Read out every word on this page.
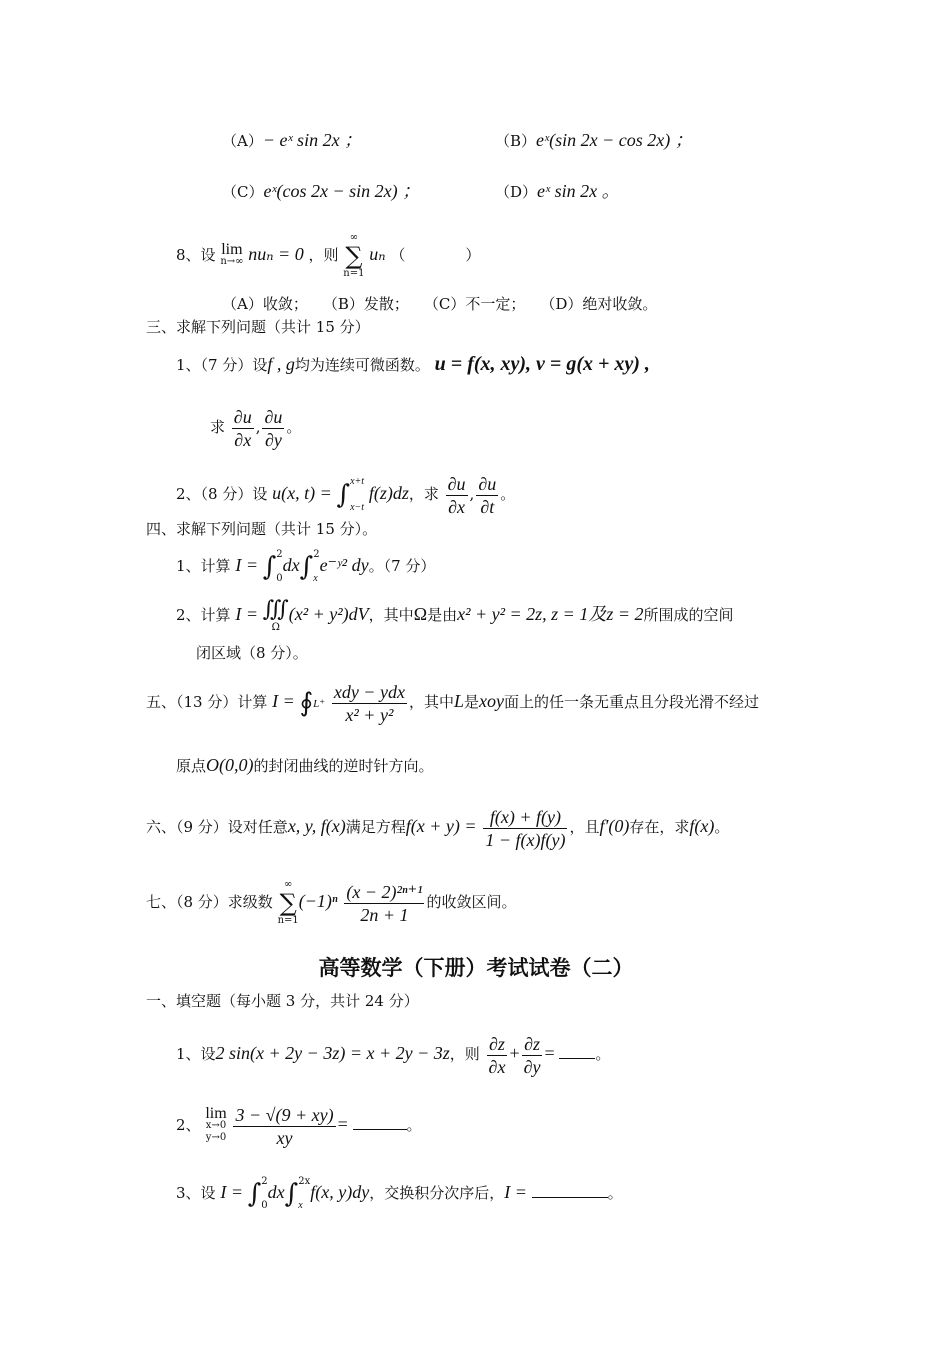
（A）− eˣ sin 2x ；	（B）eˣ(sin 2x − cos 2x) ；
（C）eˣ(cos 2x − sin 2x) ；	（D）eˣ sin 2x 。
8、设 lim
n→∞ nuₙ = 0 ，则
∞
∑
n=1
uₙ （　　　　）
（A）收敛；　　（B）发散；　　（C）不一定；　　（D）绝对收敛。
三、求解下列问题（共计 15 分）
1、（7 分）设f , g均为连续可微函数。 u = f(x, xy), v = g(x + xy) ,
求 $\frac{\partial u}{\partial x}$ , $\frac{\partial u}{\partial y}$ 。
2、（8 分）设 u(x, t) = ∫ x+t
x−t
f(z)dz，求 $\frac{\partial u}{\partial x}$ , $\frac{\partial u}{\partial t}$ 。
四、求解下列问题（共计 15 分）。
1、计算 I = ∫ 2
0
dx∫ 2
x
e⁻ʸ² dy。（7 分）
2、计算 I = ∭
Ω
(x² + y²)dV，其中Ω是由x² + y² = 2z, z = 1及z = 2所围成的空间
闭区域（8 分）。
五、（13 分）计算 I = ∮L⁺ $\frac{\text{xdy − ydx}}{\text{x² + y²}}$ ，其中L是xoy面上的任一条无重点且分段光滑不经过
原点O(0,0)的封闭曲线的逆时针方向。
六、（9 分）设对任意x, y, f(x)满足方程$f(x + y) = \frac{f(x) + f(y)}{1 - f(x)f(y)}$ ，且f′(0)存在，求f(x)。
七、（8 分）求级数
∞
∑
n=1
$(-1)^n \frac{\text{(x − 2)²ⁿ⁺¹}}{2n + 1}$ 的收敛区间。
高等数学（下册）考试试卷（二）
一、填空题（每小题 3 分，共计 24 分）
1、设2 sin(x + 2y − 3z) = x + 2y − 3z，则 $\frac{\partial z}{\partial x} + \frac{\partial z}{\partial y}$ =	。
2、
lim
x→0
y→0
$\frac{3 - √(9 + xy)}{xy}$ =	。
3、设 I = ∫ 2
0
dx∫ 2x
x
f(x, y)dy，交换积分次序后，I =	。
